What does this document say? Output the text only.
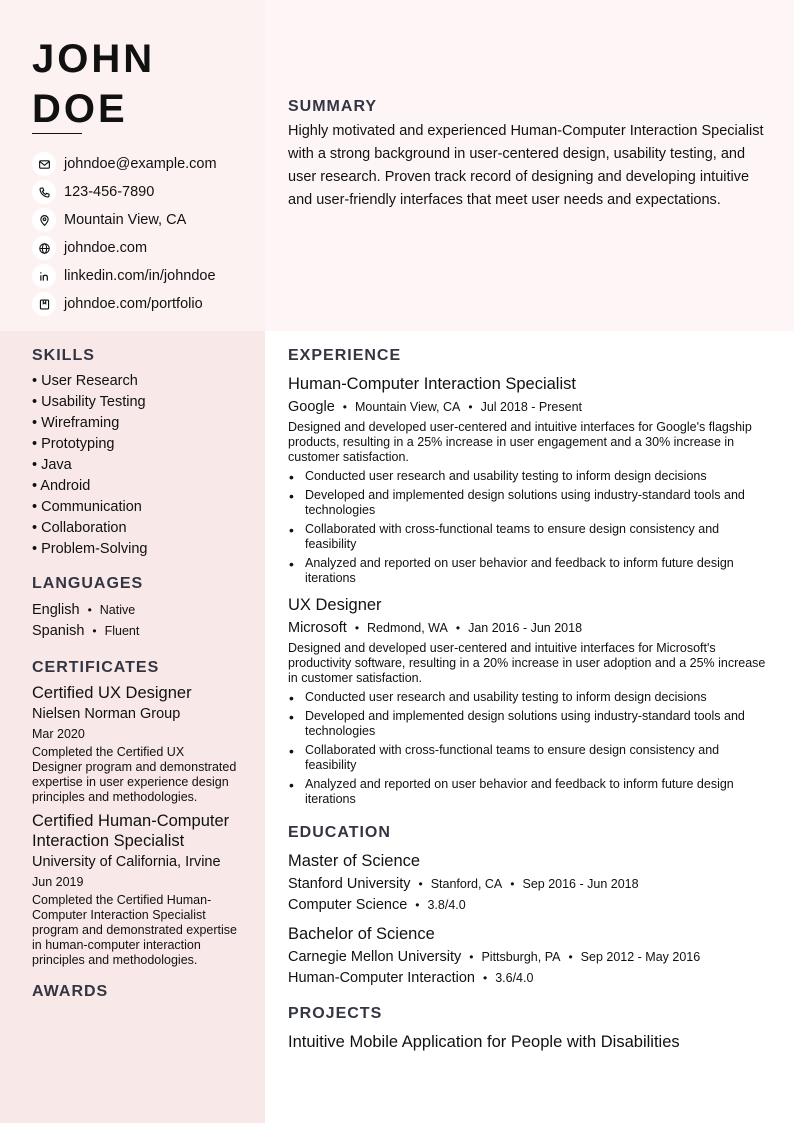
JOHN
DOE
johndoe@example.com
123-456-7890
Mountain View, CA
johndoe.com
linkedin.com/in/johndoe
johndoe.com/portfolio
SUMMARY

Highly motivated and experienced Human-Computer Interaction Specialist with a strong background in user-centered design, usability testing, and user research. Proven track record of designing and developing intuitive and user-friendly interfaces that meet user needs and expectations.

SKILLS
• User Research
• Usability Testing
• Wireframing
• Prototyping
• Java
• Android
• Communication
• Collaboration
• Problem-Solving
LANGUAGES
English • Native
Spanish • Fluent
CERTIFICATES
Certified UX Designer
Nielsen Norman Group
Mar 2020
Completed the Certified UX Designer program and demonstrated expertise in user experience design principles and methodologies.
Certified Human-Computer Interaction Specialist
University of California, Irvine
Jun 2019
Completed the Certified Human-Computer Interaction Specialist program and demonstrated expertise in human-computer interaction principles and methodologies.
AWARDS
EXPERIENCE
Human-Computer Interaction Specialist
Google • Mountain View, CA • Jul 2018 - Present
Designed and developed user-centered and intuitive interfaces for Google's flagship products, resulting in a 25% increase in user engagement and a 30% increase in customer satisfaction.
• Conducted user research and usability testing to inform design decisions
• Developed and implemented design solutions using industry-standard tools and technologies
• Collaborated with cross-functional teams to ensure design consistency and feasibility
• Analyzed and reported on user behavior and feedback to inform future design iterations
UX Designer
Microsoft • Redmond, WA • Jan 2016 - Jun 2018
Designed and developed user-centered and intuitive interfaces for Microsoft's productivity software, resulting in a 20% increase in user adoption and a 25% increase in customer satisfaction.
• Conducted user research and usability testing to inform design decisions
• Developed and implemented design solutions using industry-standard tools and technologies
• Collaborated with cross-functional teams to ensure design consistency and feasibility
• Analyzed and reported on user behavior and feedback to inform future design iterations
EDUCATION
Master of Science
Stanford University • Stanford, CA • Sep 2016 - Jun 2018
Computer Science • 3.8/4.0
Bachelor of Science
Carnegie Mellon University • Pittsburgh, PA • Sep 2012 - May 2016
Human-Computer Interaction • 3.6/4.0
PROJECTS
Intuitive Mobile Application for People with Disabilities
